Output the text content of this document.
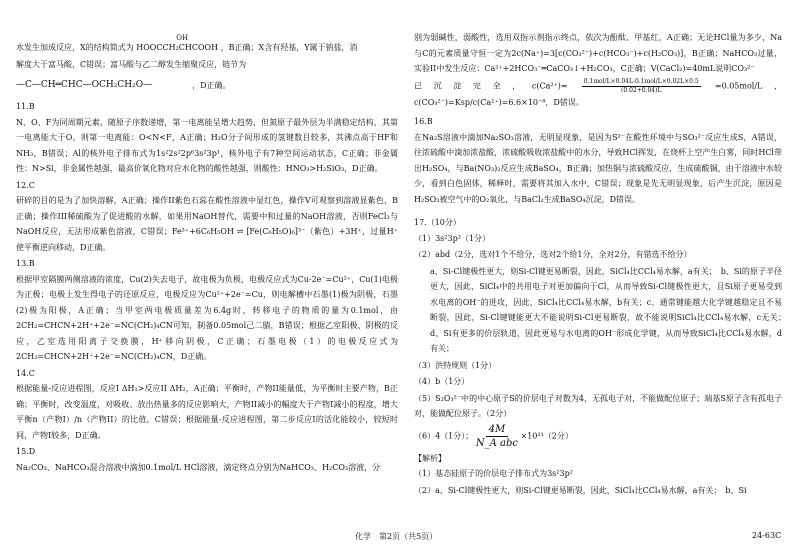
水发生加成反应，X的结构简式为
OH
HOOCCH₂CHCOOH ，B正确；X含有羟基，Y属于钠盐，消

解度大于富马酸，C错误；富马酸与乙二醇发生缩聚反应，链节为

—C—CH═CHC—OCH₂CH₂O—	，D正确。

11.B

N、O、F为同周期元素，随原子序数递增，第一电离能呈增大趋势，但氮原子最外层为半满稳定结构，其第一电离能大于O，则第一电离能：O<N<F，A正确；H₂O分子间形成的氢键数目较多，其沸点高于HF和NH₃，B错误；Al的核外电子排布式为1s²2s²2p⁶3s²3p¹，核外电子有7种空间运动状态，C正确；非金属性：N>Si，非金属性越强，最高价氧化物对应水化物的酸性越强，则酸性：HNO₃>H₂SiO₃，D正确。

12.C

研碎的目的是为了加快溶解，A正确；操作II紫色石蕊在酸性溶液中显红色，操作V可观察到溶液显紫色，B正确；操作III稀硫酸为了促进酸的水解，如果用NaOH替代，需要中和过量的NaOH溶液，否则FeCl₃与NaOH反应，无法形成紫色溶液，C错误；Fe³⁺+6C₆H₅OH ⇌ [Fe(C₆H₅O)₆]³⁻（紫色）+3H⁺，过量H⁺使平衡逆向移动，D正确。

13.B

根据甲室隔膜两侧溶液的浓度，Cu(2)失去电子，故电极为负极，电极反应式为Cu-2e⁻=Cu²⁺，Cu(1)电极为正极；电极上发生得电子的还原反应，电极反应为Cu²⁺+2e⁻=Cu，则电解槽中石墨(1)极为阴极，石墨(2)极为阳极，A正确；当甲室两电极质量差为6.4g时，转移电子的物质的量为0.1mol，由2CH₂=CHCN+2H⁺+2e⁻=NC(CH₂)₄CN可知，制备0.05mol己二腈，B错误；根据乙室阳极、阴极的反应，乙室选用阳离子交换膜，H⁺移向阴极，C正确；石墨电极（1）的电极反应式为2CH₂=CHCN+2H⁺+2e⁻=NC(CH₂)₄CN，D正确。

14.C

根据能量-反应进程图，反应I ΔH₁>反应II ΔH₂，A正确；平衡时，产物II能量低，为平衡时主要产物，B正确；平衡时，改变温度，对吸收、放出热量多的反应影响大，产物II减小的幅度大于产物I减小的程度，增大平衡n（产物I）/n（产物II）的比值，C错误；根据能量-反应进程图，第二步反应I的活化能较小，较短时间，产物I较多，D正确。

15.D

Na₂CO₃、NaHCO₃混合溶液中滴加0.1mol/L HCl溶液，滴定终点分别为NaHCO₃、H₂CO₃溶液，分

别为弱碱性，弱酸性，选用双指示剂指示终点，依次为酚酞、甲基红，A正确；无论HCl量为多少，Na与C的元素质量守恒一定为2c(Na⁺)=3[c(CO₃²⁻)+c(HCO₃⁻)+c(H₂CO₃)]，B正确；NaHCO₃过量，实验II中发生反应：Ca²⁺+2HCO₃⁻═CaCO₃↓+H₂CO₃，C正确；V(CaCl₂)=40mL说明CO₃²⁻

已沉淀完全，$c(Ca^{2+})= \frac{\text{0.1mol/L×0.04L-0.1mol/L×0.02L×0.5}}{(0.02+0.04)L} =0.05mol/L$，c(CO₃²⁻)=Ksp/c(Ca²⁺)=6.6×10⁻⁸，D错误。

16.B

在Na₂S溶液中滴加Na₂SO₃溶液，无明显现象，是因为S²⁻在酸性环境中与SO₃²⁻反应生成S，A错误，往浓硫酸中滴加浓盐酸，浓硫酸吸收浓盐酸中的水分，导致HCl挥发，在烧杯上空产生白雾，同时HCl带出H₂SO₄，与Ba(NO₃)₂反应生成BaSO₄，B正确；加热铜与浓硫酸反应，生成硫酸铜，由于溶液中水较少，看到白色固体，稀释时，需要将其加入水中，C错误；现象是先无明显现象，后产生沉淀，原因是H₂SO₃被空气中的O₂氧化，与BaCl₂生成BaSO₄沉淀，D错误。

17.（10分）

（1）3s²3p²（1分）

（2）abd（2分，选对1个不给分，选对2个给1分，全对2分，有错选不给分）

a、Si-Cl键极性更大，则Si-Cl键更易断裂，因此，SiCl₄比CCl₄易水解，a有关；　b、Si的原子半径更大，因此，SiCl₄中的共用电子对更加偏向于Cl，从而导致Si-Cl键极性更大，且Si原子更易受到水电离的OH⁻的进攻，因此，SiCl₄比CCl₄易水解，b有关；c、通常键能越大化学键越稳定且不易断裂，因此，Si-Cl键键能更大不能说明Si-Cl更易断裂，故不能说明SiCl₄比CCl₄易水解，c无关；　d、Si有更多的价层轨道，因此更易与水电离的OH⁻形成化学键，从而导致SiCl₄比CCl₄易水解，d有关；

（3）洪特规则（1分）

（4）b（1分）

（5）S₂O₃²⁻中的中心原子S的价层电子对数为4，无孤电子对，不能做配位原子；端基S原子含有孤电子对，能做配位原子。（2分）

（6）4（1分）；
4M
N_A abc
×10²¹（2分）

【解析】

（1）基态硅原子的价层电子排布式为3s²3p²

（2）a、Si-Cl键极性更大，则Si-Cl键更易断裂，因此，SiCl₄比CCl₄易水解，a有关；　b、Si

化学　第2页（共5页）	24-63C
